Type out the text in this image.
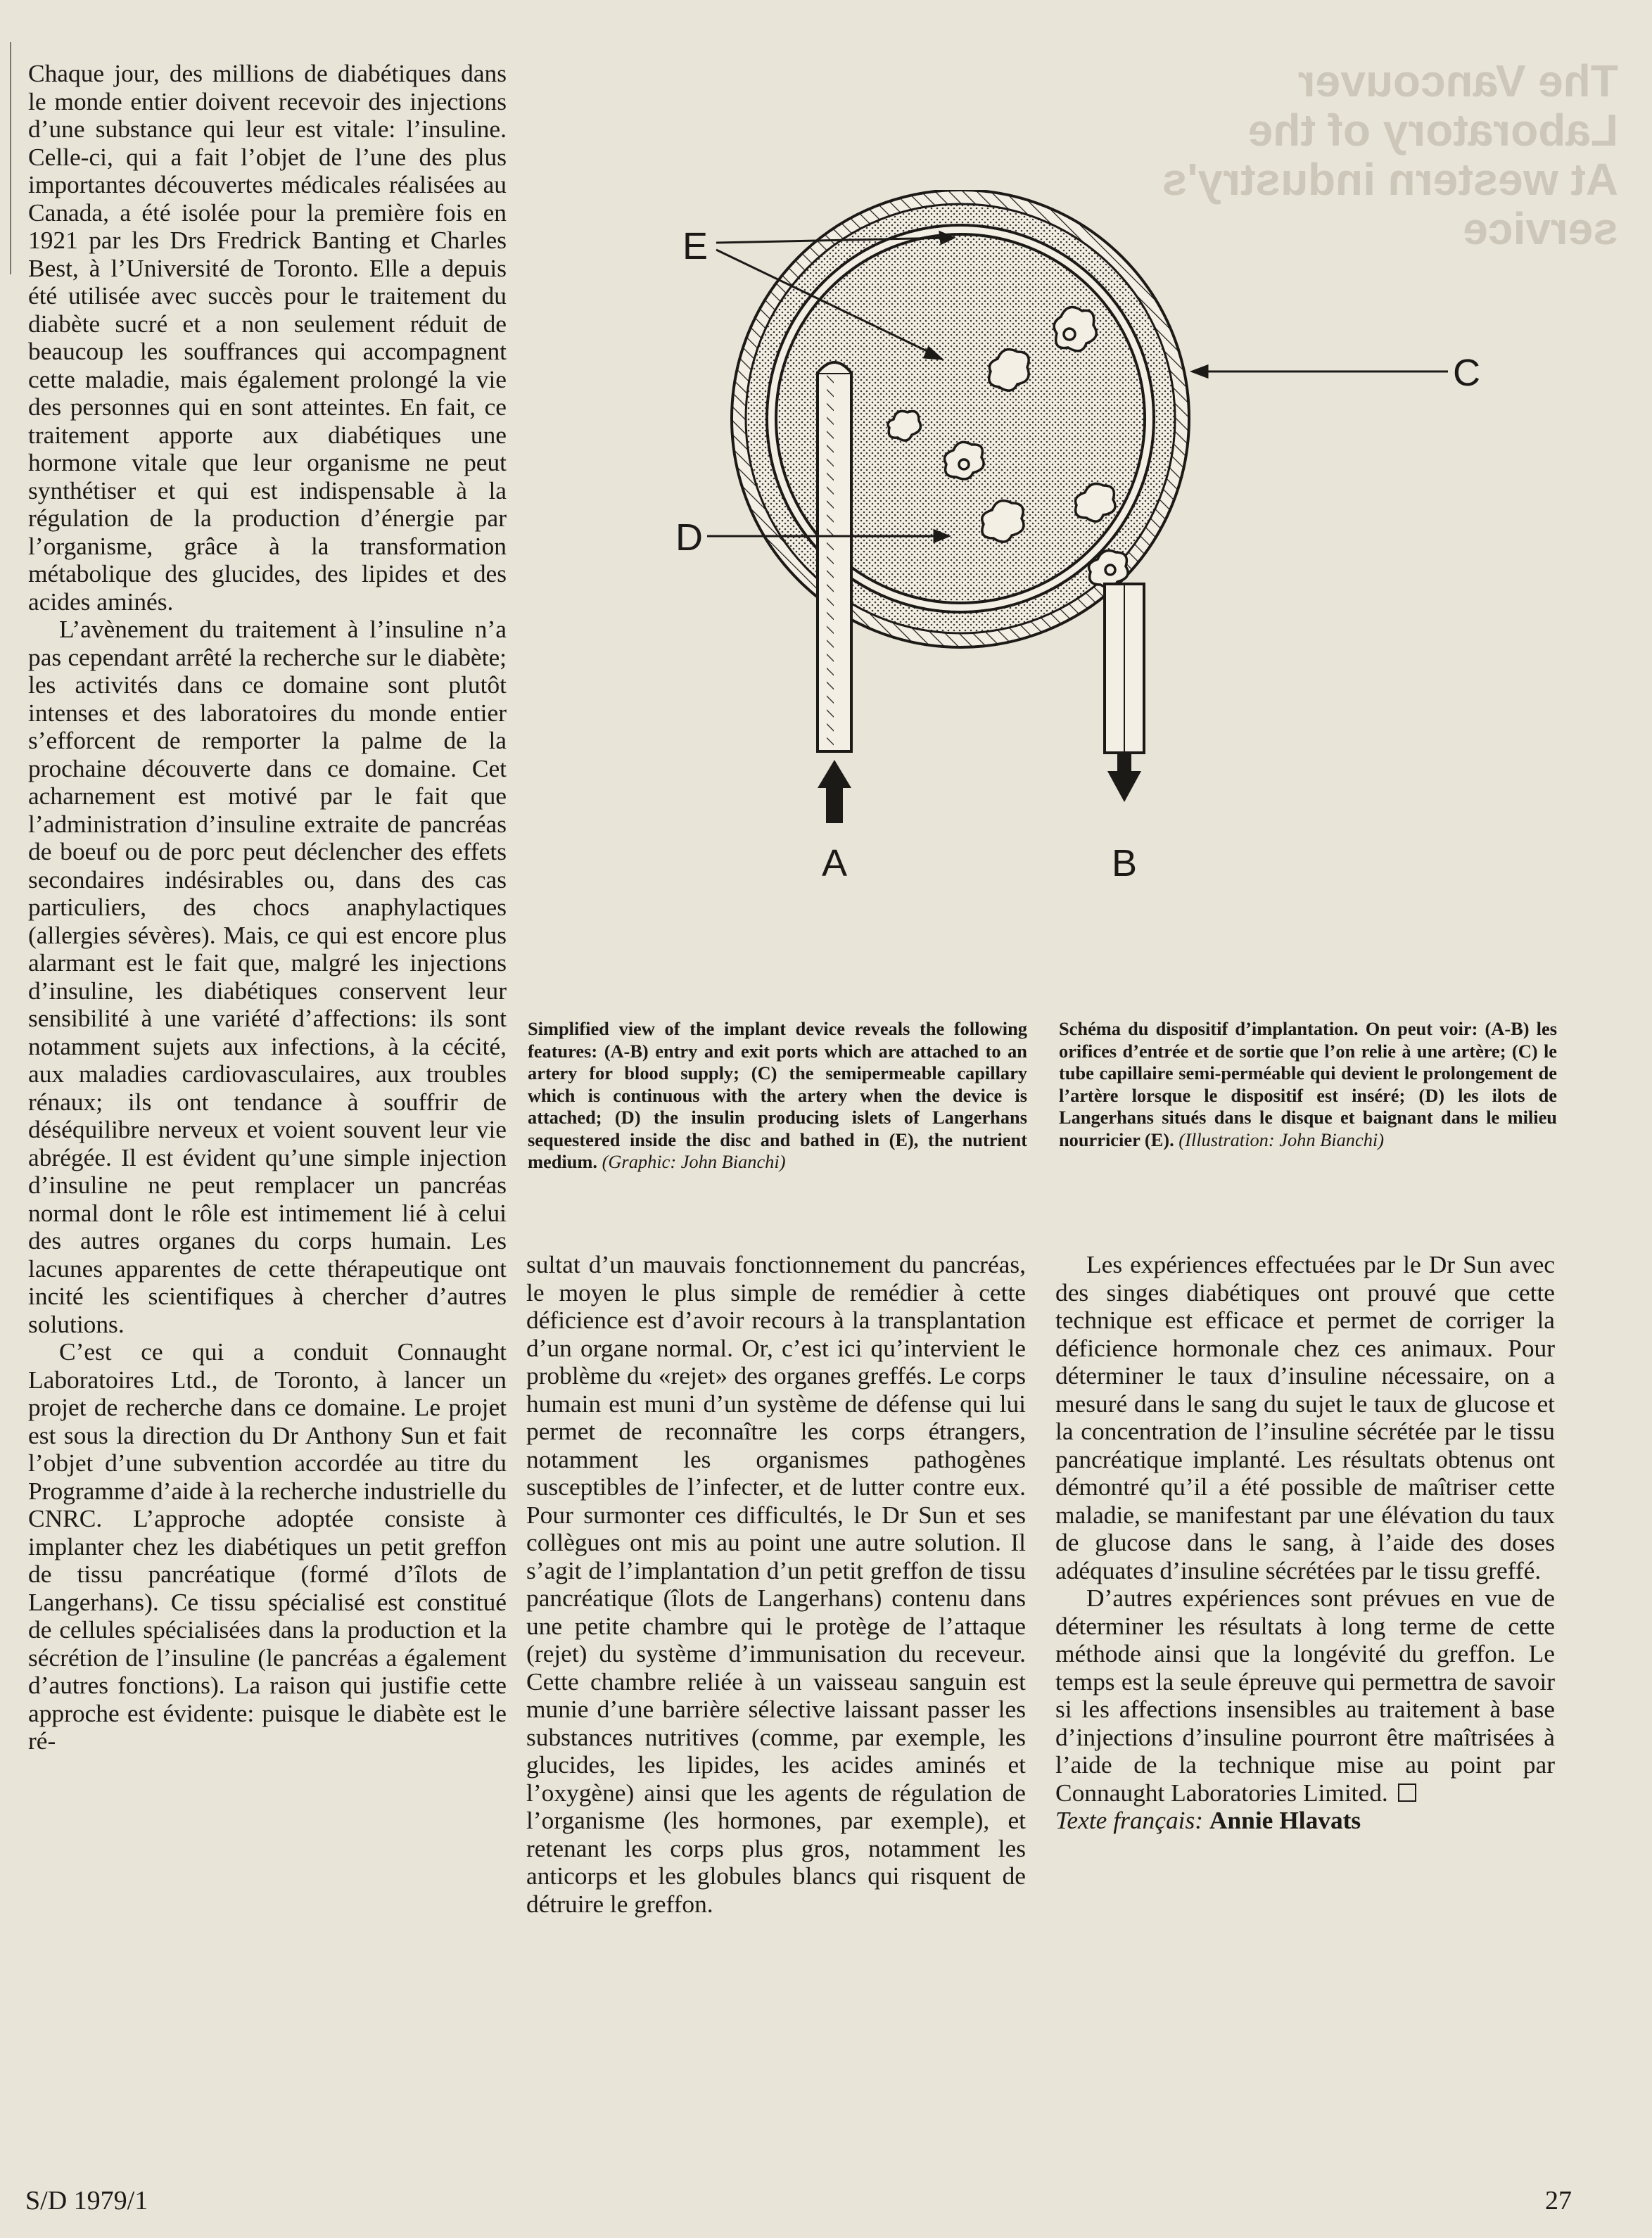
The Vancouver Laboratory of the
At western industry's service

Chaque jour, des millions de diabétiques dans le monde entier doivent recevoir des injections d’une substance qui leur est vitale: l’insuline. Celle-ci, qui a fait l’objet de l’une des plus importantes découvertes médicales réalisées au Canada, a été isolée pour la première fois en 1921 par les Drs Fredrick Banting et Charles Best, à l’Université de Toronto. Elle a depuis été utilisée avec succès pour le traitement du diabète sucré et a non seulement réduit de beaucoup les souffrances qui accompagnent cette maladie, mais également prolongé la vie des personnes qui en sont atteintes. En fait, ce traitement apporte aux diabétiques une hormone vitale que leur organisme ne peut synthétiser et qui est indispensable à la régulation de la production d’énergie par l’organisme, grâce à la transformation métabolique des glucides, des lipides et des acides aminés.

L’avènement du traitement à l’insuline n’a pas cependant arrêté la recherche sur le diabète; les activités dans ce domaine sont plutôt intenses et des laboratoires du monde entier s’efforcent de remporter la palme de la prochaine découverte dans ce domaine. Cet acharnement est motivé par le fait que l’administration d’insuline extraite de pancréas de boeuf ou de porc peut déclencher des effets secondaires indésirables ou, dans des cas particuliers, des chocs anaphylactiques (allergies sévères). Mais, ce qui est encore plus alarmant est le fait que, malgré les injections d’insuline, les diabétiques conservent leur sensibilité à une variété d’affections: ils sont notamment sujets aux infections, à la cécité, aux maladies cardiovasculaires, aux troubles rénaux; ils ont tendance à souffrir de déséquilibre nerveux et voient souvent leur vie abrégée. Il est évident qu’une simple injection d’insuline ne peut remplacer un pancréas normal dont le rôle est intimement lié à celui des autres organes du corps humain. Les lacunes apparentes de cette thérapeutique ont incité les scientifiques à chercher d’autres solutions.

C’est ce qui a conduit Connaught Laboratoires Ltd., de Toronto, à lancer un projet de recherche dans ce domaine. Le projet est sous la direction du Dr Anthony Sun et fait l’objet d’une subvention accordée au titre du Programme d’aide à la recherche industrielle du CNRC. L’approche adoptée consiste à implanter chez les diabétiques un petit greffon de tissu pancréatique (formé d’îlots de Langerhans). Ce tissu spécialisé est constitué de cellules spécialisées dans la production et la sécrétion de l’insuline (le pancréas a également d’autres fonctions). La raison qui justifie cette approche est évidente: puisque le diabète est le ré-

E
C
D
A	B
Simplified view of the implant device reveals the following features: (A-B) entry and exit ports which are attached to an artery for blood supply; (C) the semipermeable capillary which is continuous with the artery when the device is attached; (D) the insulin producing islets of Langerhans sequestered inside the disc and bathed in (E), the nutrient medium. (Graphic: John Bianchi)
Schéma du dispositif d’implantation. On peut voir: (A-B) les orifices d’entrée et de sortie que l’on relie à une artère; (C) le tube capillaire semi-perméable qui devient le prolongement de l’artère lorsque le dispositif est inséré; (D) les ilots de Langerhans situés dans le disque et baignant dans le milieu nourricier (E). (Illustration: John Bianchi)

sultat d’un mauvais fonctionnement du pancréas, le moyen le plus simple de remédier à cette déficience est d’avoir recours à la transplantation d’un organe normal. Or, c’est ici qu’intervient le problème du «rejet» des organes greffés. Le corps humain est muni d’un système de défense qui lui permet de reconnaître les corps étrangers, notamment les organismes pathogènes susceptibles de l’infecter, et de lutter contre eux. Pour surmonter ces difficultés, le Dr Sun et ses collègues ont mis au point une autre solution. Il s’agit de l’implantation d’un petit greffon de tissu pancréatique (îlots de Langerhans) contenu dans une petite chambre qui le protège de l’attaque (rejet) du système d’immunisation du receveur. Cette chambre reliée à un vaisseau sanguin est munie d’une barrière sélective laissant passer les substances nutritives (comme, par exemple, les glucides, les lipides, les acides aminés et l’oxygène) ainsi que les agents de régulation de l’organisme (les hormones, par exemple), et retenant les corps plus gros, notamment les anticorps et les globules blancs qui risquent de détruire le greffon.

Les expériences effectuées par le Dr Sun avec des singes diabétiques ont prouvé que cette technique est efficace et permet de corriger la déficience hormonale chez ces animaux. Pour déterminer le taux d’insuline nécessaire, on a mesuré dans le sang du sujet le taux de glucose et la concentration de l’insuline sécrétée par le tissu pancréatique implanté. Les résultats obtenus ont démontré qu’il a été possible de maîtriser cette maladie, se manifestant par une élévation du taux de glucose dans le sang, à l’aide des doses adéquates d’insuline sécrétées par le tissu greffé.

D’autres expériences sont prévues en vue de déterminer les résultats à long terme de cette méthode ainsi que la longévité du greffon. Le temps est la seule épreuve qui permettra de savoir si les affections insensibles au traitement à base d’injections d’insuline pourront être maîtrisées à l’aide de la technique mise au point par Connaught Laboratories Limited.

Texte français: Annie Hlavats

S/D 1979/1	27
